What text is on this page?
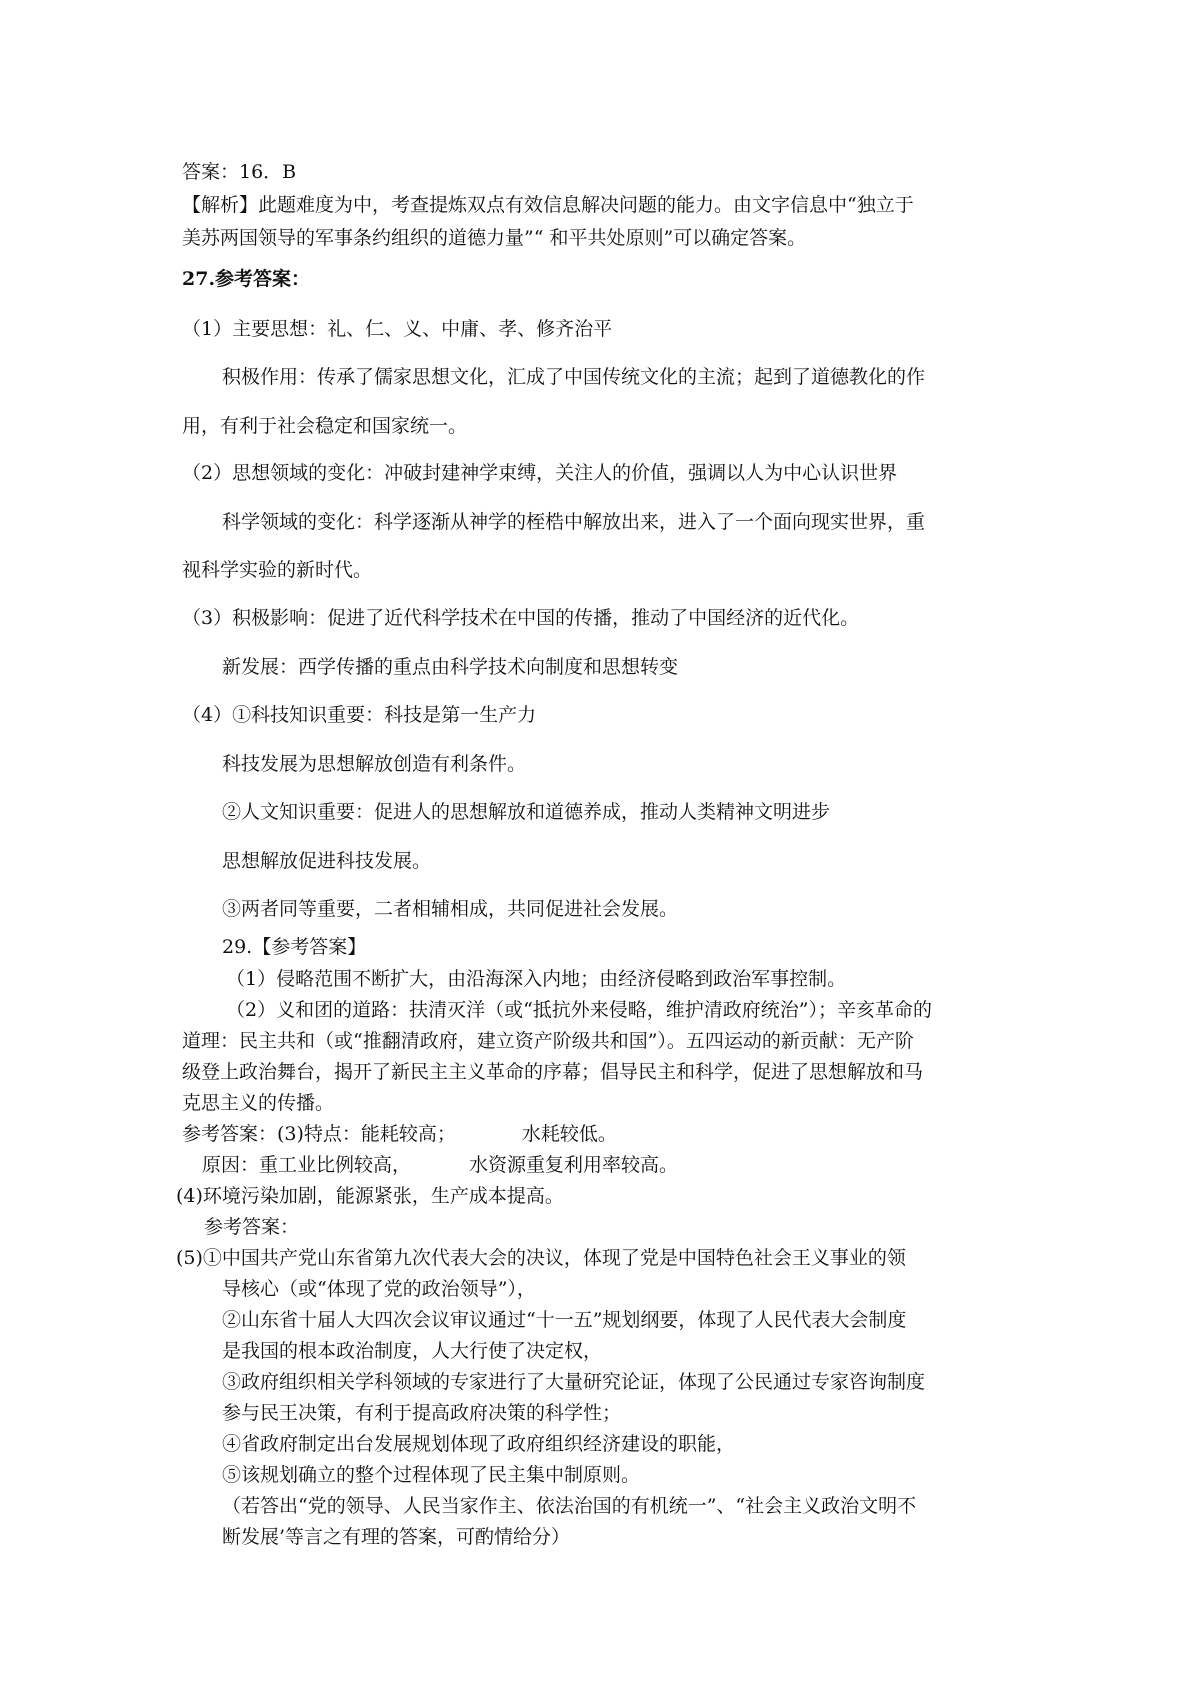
答案：16．B
【解析】此题难度为中，考查提炼双点有效信息解决问题的能力。由文字信息中“独立于
美苏两国领导的军事条约组织的道德力量”“ 和平共处原则”可以确定答案。
27.参考答案：
（1）主要思想：礼、仁、义、中庸、孝、修齐治平
积极作用：传承了儒家思想文化，汇成了中国传统文化的主流；起到了道德教化的作
用，有利于社会稳定和国家统一。
（2）思想领域的变化：冲破封建神学束缚，关注人的价值，强调以人为中心认识世界
科学领域的变化：科学逐渐从神学的桎梏中解放出来，进入了一个面向现实世界，重
视科学实验的新时代。
（3）积极影响：促进了近代科学技术在中国的传播，推动了中国经济的近代化。
新发展：西学传播的重点由科学技术向制度和思想转变
（4）①科技知识重要：科技是第一生产力
科技发展为思想解放创造有利条件。
②人文知识重要：促进人的思想解放和道德养成，推动人类精神文明进步
思想解放促进科技发展。
③两者同等重要，二者相辅相成，共同促进社会发展。
29.【参考答案】
（1）侵略范围不断扩大，由沿海深入内地；由经济侵略到政治军事控制。
（2）义和团的道路：扶清灭洋（或“抵抗外来侵略，维护清政府统治”）；辛亥革命的
道理：民主共和（或“推翻清政府，建立资产阶级共和国”）。五四运动的新贡献：无产阶
级登上政治舞台，揭开了新民主主义革命的序幕；倡导民主和科学，促进了思想解放和马
克思主义的传播。
参考答案：(3)特点：能耗较高；	水耗较低。
原因：重工业比例较高，	水资源重复利用率较高。
(4)环境污染加剧，能源紧张，生产成本提高。
参考答案：
(5)①中国共产党山东省第九次代表大会的决议，体现了党是中国特色社会王义事业的领
导核心（或“体现了党的政治领导”），
②山东省十届人大四次会议审议通过“十一五”规划纲要，体现了人民代表大会制度
是我国的根本政治制度，人大行使了决定权，
③政府组织相关学科领域的专家进行了大量研究论证，体现了公民通过专家咨询制度
参与民王决策，有利于提高政府决策的科学性；
④省政府制定出台发展规划体现了政府组织经济建设的职能，
⑤该规划确立的整个过程体现了民主集中制原则。
（若答出“党的领导、人民当家作主、依法治国的有机统一”、“社会主义政治文明不
断发展’等言之有理的答案，可酌情给分）
